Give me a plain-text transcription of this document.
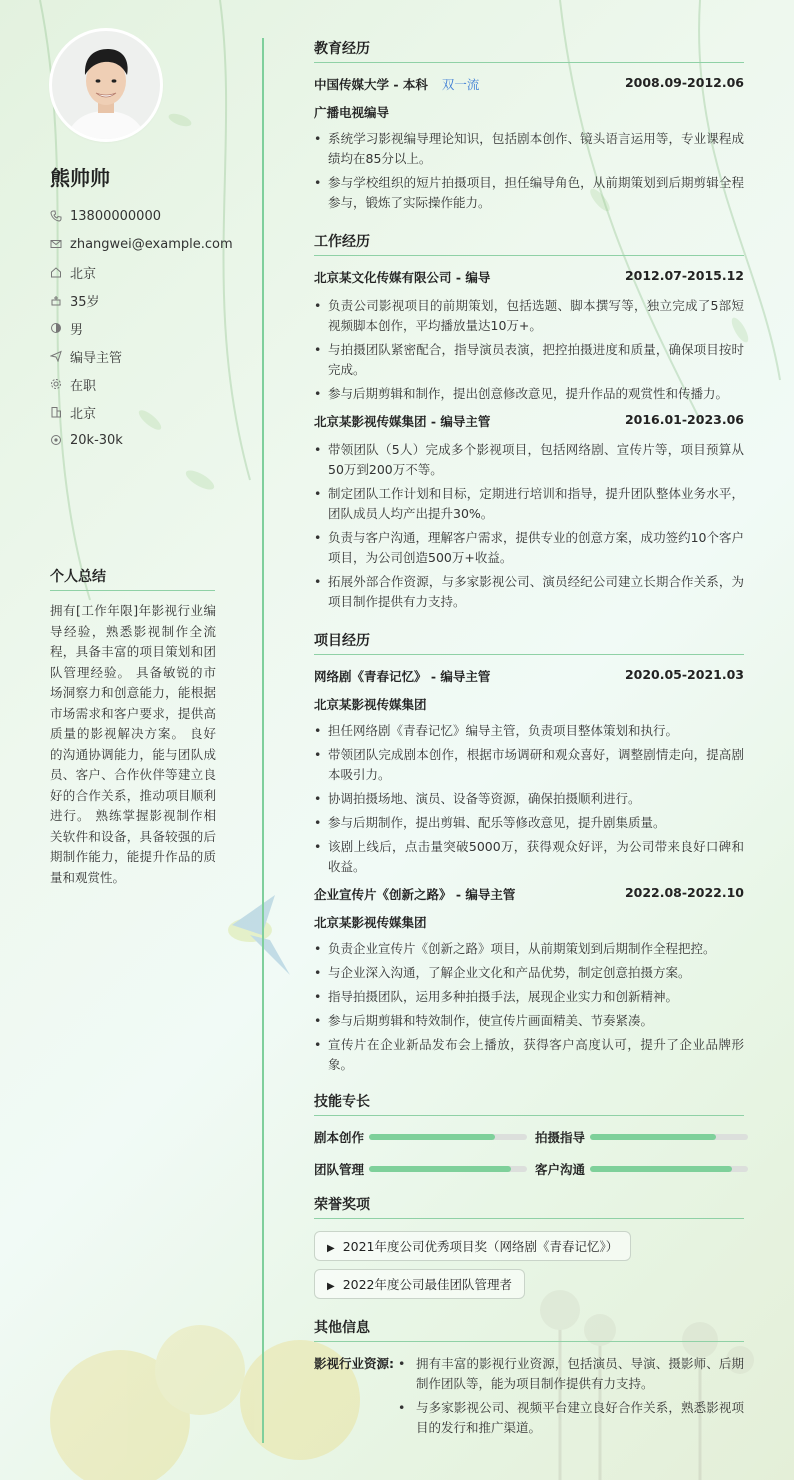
熊帅帅
13800000000
zhangwei@example.com
北京
35岁
男
编导主管
在职
北京
20k-30k
个人总结
拥有[工作年限]年影视行业编导经验，熟悉影视制作全流程，具备丰富的项目策划和团队管理经验。 具备敏锐的市场洞察力和创意能力，能根据市场需求和客户要求，提供高质量的影视解决方案。 良好的沟通协调能力，能与团队成员、客户、合作伙伴等建立良好的合作关系，推动项目顺利进行。 熟练掌握影视制作相关软件和设备，具备较强的后期制作能力，能提升作品的质量和观赏性。
教育经历
中国传媒大学 - 本科 双一流	2008.09-2012.06
广播电视编导
• 系统学习影视编导理论知识，包括剧本创作、镜头语言运用等，专业课程成绩均在85分以上。
• 参与学校组织的短片拍摄项目，担任编导角色，从前期策划到后期剪辑全程参与，锻炼了实际操作能力。
工作经历
北京某文化传媒有限公司 - 编导	2012.07-2015.12
• 负责公司影视项目的前期策划，包括选题、脚本撰写等，独立完成了5部短视频脚本创作，平均播放量达10万+。
• 与拍摄团队紧密配合，指导演员表演，把控拍摄进度和质量，确保项目按时完成。
• 参与后期剪辑和制作，提出创意修改意见，提升作品的观赏性和传播力。
北京某影视传媒集团 - 编导主管	2016.01-2023.06
• 带领团队（5人）完成多个影视项目，包括网络剧、宣传片等，项目预算从50万到200万不等。
• 制定团队工作计划和目标，定期进行培训和指导，提升团队整体业务水平，团队成员人均产出提升30%。
• 负责与客户沟通，理解客户需求，提供专业的创意方案，成功签约10个客户项目，为公司创造500万+收益。
• 拓展外部合作资源，与多家影视公司、演员经纪公司建立长期合作关系，为项目制作提供有力支持。
项目经历
网络剧《青春记忆》 - 编导主管	2020.05-2021.03
北京某影视传媒集团
• 担任网络剧《青春记忆》编导主管，负责项目整体策划和执行。
• 带领团队完成剧本创作，根据市场调研和观众喜好，调整剧情走向，提高剧本吸引力。
• 协调拍摄场地、演员、设备等资源，确保拍摄顺利进行。
• 参与后期制作，提出剪辑、配乐等修改意见，提升剧集质量。
• 该剧上线后，点击量突破5000万，获得观众好评，为公司带来良好口碑和收益。
企业宣传片《创新之路》 - 编导主管	2022.08-2022.10
北京某影视传媒集团
• 负责企业宣传片《创新之路》项目，从前期策划到后期制作全程把控。
• 与企业深入沟通，了解企业文化和产品优势，制定创意拍摄方案。
• 指导拍摄团队，运用多种拍摄手法，展现企业实力和创新精神。
• 参与后期剪辑和特效制作，使宣传片画面精美、节奏紧凑。
• 宣传片在企业新品发布会上播放，获得客户高度认可，提升了企业品牌形象。
技能专长
剧本创作	拍摄指导
团队管理	客户沟通
荣誉奖项
▶ 2021年度公司优秀项目奖（网络剧《青春记忆》）
▶ 2022年度公司最佳团队管理者
其他信息
影视行业资源:
•	拥有丰富的影视行业资源，包括演员、导演、摄影师、后期制作团队等，能为项目制作提供有力支持。
• 与多家影视公司、视频平台建立良好合作关系，熟悉影视项目的发行和推广渠道。
